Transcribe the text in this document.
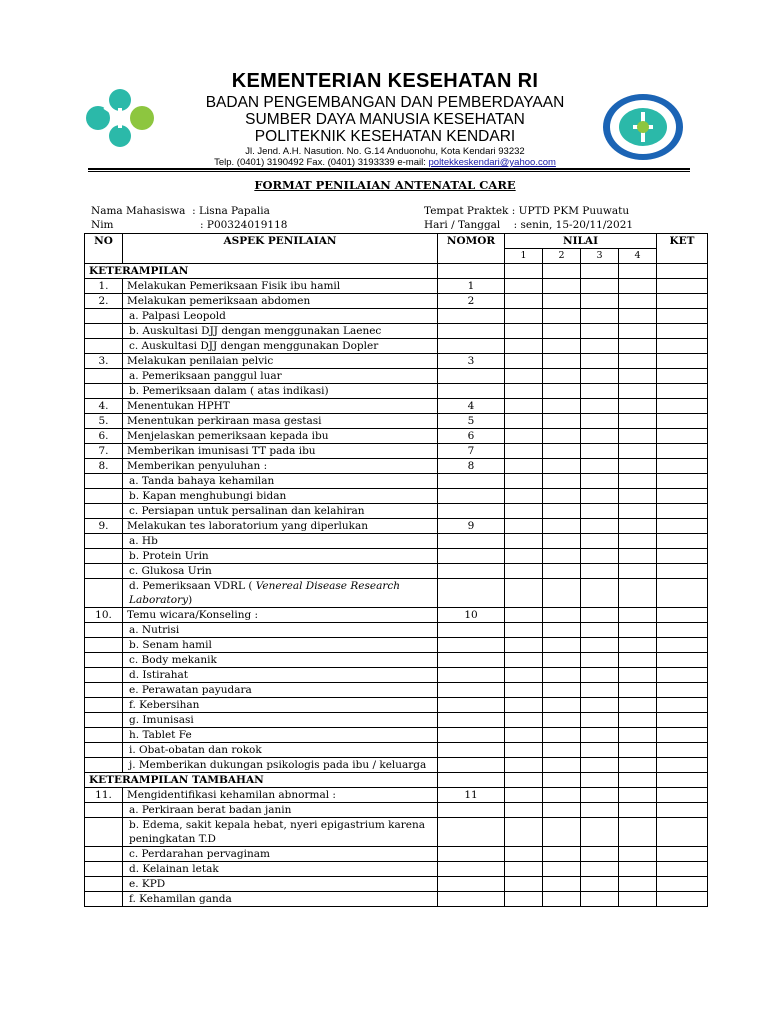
KEMENTERIAN KESEHATAN RI
BADAN PENGEMBANGAN DAN PEMBERDAYAAN
SUMBER DAYA MANUSIA KESEHATAN
POLITEKNIK KESEHATAN KENDARI
Jl. Jend. A.H. Nasution. No. G.14 Anduonohu, Kota Kendari 93232
Telp. (0401) 3190492 Fax. (0401) 3193339 e-mail: poltekkeskendari@yahoo.com
FORMAT PENILAIAN ANTENATAL CARE
Nama Mahasiswa  : Lisna Papalia
Nim	: P00324019118
Tempat Praktek : UPTD PKM Puuwatu
Hari / Tanggal    : senin, 15-20/11/2021
NO	ASPEK PENILAIAN	NOMOR	NILAI				KET
			1	2	3	4	
KETERAMPILAN							
1.	Melakukan Pemeriksaan Fisik ibu hamil	1					
2.	Melakukan pemeriksaan abdomen	2					
	a. Palpasi Leopold						
	b. Auskultasi DJJ dengan menggunakan Laenec						
	c. Auskultasi DJJ dengan menggunakan Dopler						
3.	Melakukan penilaian pelvic	3					
	a. Pemeriksaan panggul luar						
	b. Pemeriksaan dalam ( atas indikasi)						
4.	Menentukan HPHT	4					
5.	Menentukan perkiraan masa gestasi	5					
6.	Menjelaskan pemeriksaan kepada ibu	6					
7.	Memberikan imunisasi TT pada ibu	7					
8.	Memberikan penyuluhan :	8					
	a. Tanda bahaya kehamilan						
	b. Kapan menghubungi bidan						
	c. Persiapan untuk persalinan dan kelahiran						
9.	Melakukan tes laboratorium yang diperlukan	9					
	a. Hb						
	b. Protein Urin						
	c. Glukosa Urin						
	d. Pemeriksaan VDRL ( Venereal Disease Research Laboratory)						
10.	Temu wicara/Konseling :	10					
	a. Nutrisi						
	b. Senam hamil						
	c. Body mekanik						
	d. Istirahat						
	e. Perawatan payudara						
	f. Kebersihan						
	g. Imunisasi						
	h. Tablet Fe						
	i. Obat-obatan dan rokok						
	j. Memberikan dukungan psikologis pada ibu / keluarga						
KETERAMPILAN TAMBAHAN							
11.	Mengidentifikasi kehamilan abnormal :	11					
	a. Perkiraan berat badan janin						
	b. Edema, sakit kepala hebat, nyeri epigastrium karena peningkatan T.D						
	c. Perdarahan pervaginam						
	d. Kelainan letak						
	e. KPD						
	f. Kehamilan ganda						
